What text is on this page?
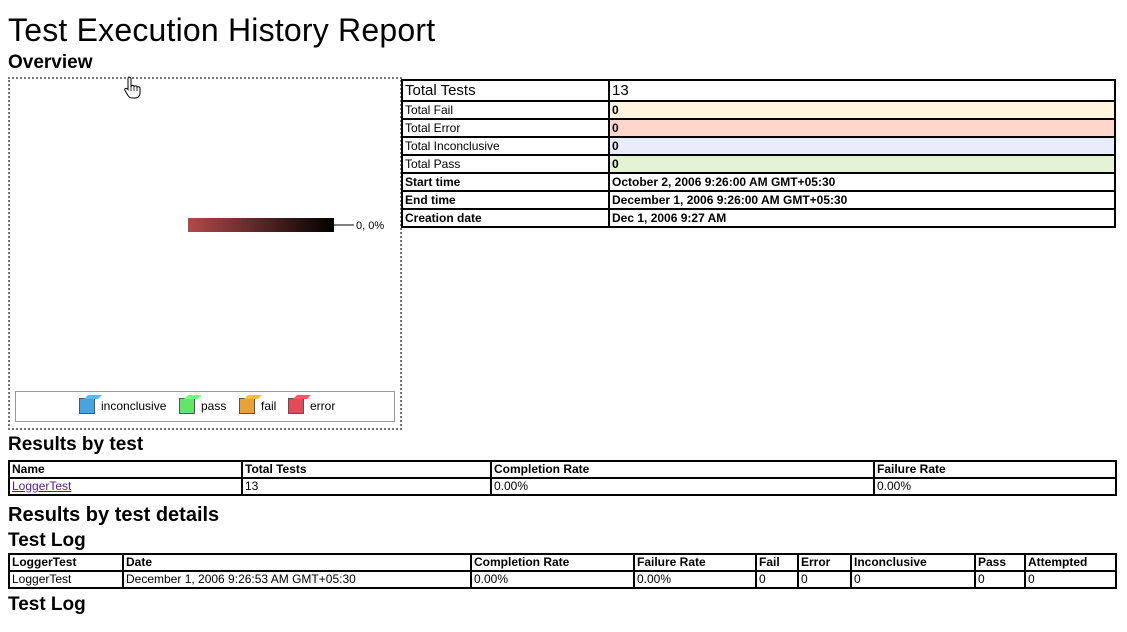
Test Execution History Report
Overview
0, 0%
inconclusive	pass	fail	error
Total Tests	13
Total Fail	0
Total Error	0
Total Inconclusive	0
Total Pass	0
Start time	October 2, 2006 9:26:00 AM GMT+05:30
End time	December 1, 2006 9:26:00 AM GMT+05:30
Creation date	Dec 1, 2006 9:27 AM
Results by test
Name	Total Tests	Completion Rate	Failure Rate
LoggerTest	13	0.00%	0.00%
Results by test details
Test Log
LoggerTest	Date	Completion Rate	Failure Rate	Fail	Error	Inconclusive	Pass	Attempted
LoggerTest	December 1, 2006 9:26:53 AM GMT+05:30	0.00%	0.00%	0	0	0	0	0
Test Log
